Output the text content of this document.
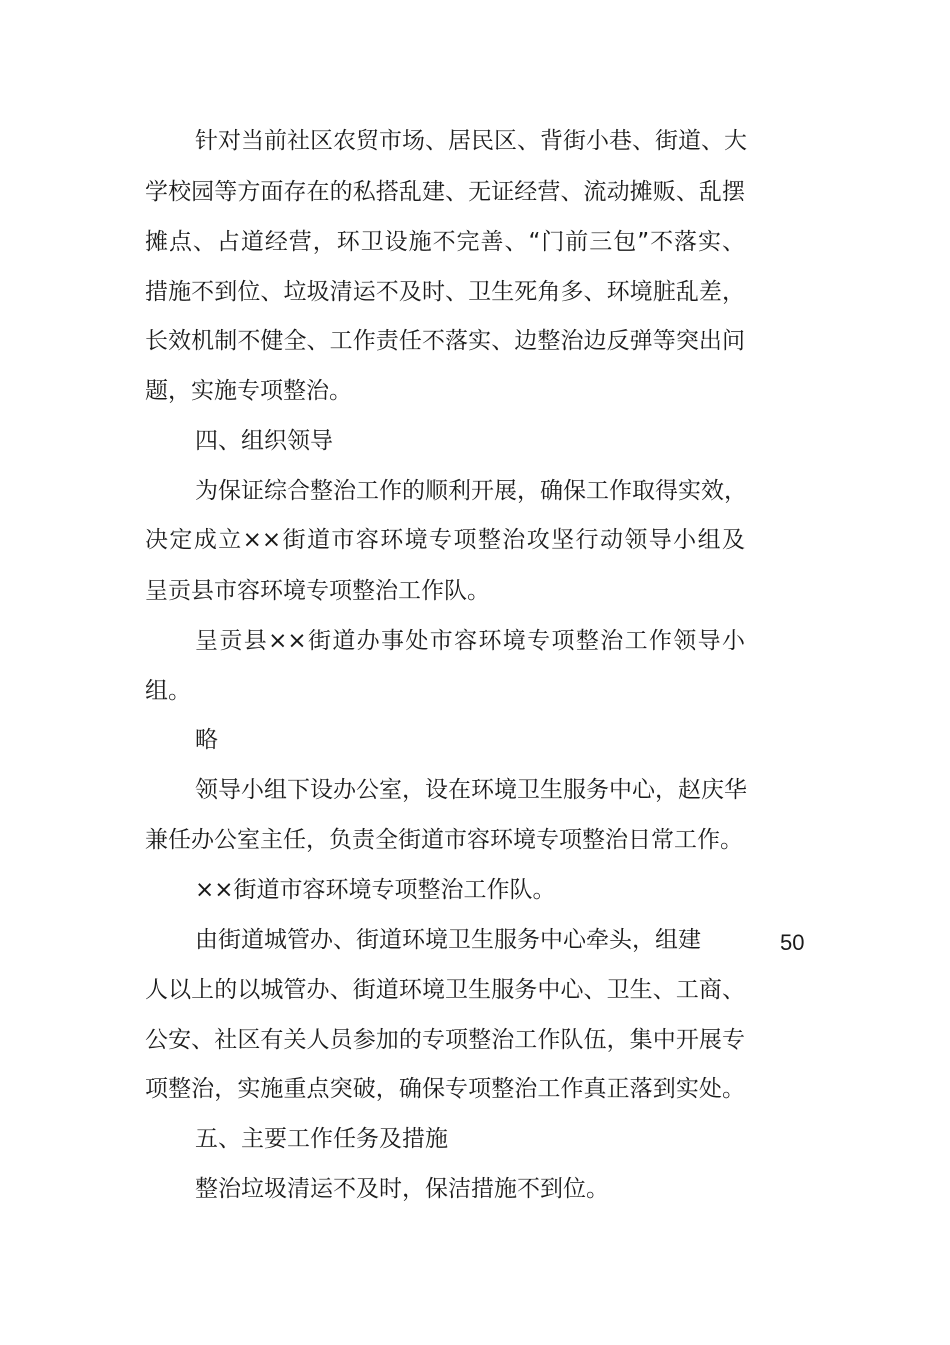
针对当前社区农贸市场、居民区、背街小巷、街道、大
学校园等方面存在的私搭乱建、无证经营、流动摊贩、乱摆
摊点、占道经营，环卫设施不完善、“门前三包”不落实、
措施不到位、垃圾清运不及时、卫生死角多、环境脏乱差，
长效机制不健全、工作责任不落实、边整治边反弹等突出问
题，实施专项整治。
四、组织领导
为保证综合整治工作的顺利开展，确保工作取得实效，
决定成立××街道市容环境专项整治攻坚行动领导小组及
呈贡县市容环境专项整治工作队。
呈贡县××街道办事处市容环境专项整治工作领导小
组。
略
领导小组下设办公室，设在环境卫生服务中心，赵庆华
兼任办公室主任，负责全街道市容环境专项整治日常工作。
××街道市容环境专项整治工作队。
由街道城管办、街道环境卫生服务中心牵头，组建	50
人以上的以城管办、街道环境卫生服务中心、卫生、工商、
公安、社区有关人员参加的专项整治工作队伍，集中开展专
项整治，实施重点突破，确保专项整治工作真正落到实处。
五、主要工作任务及措施
整治垃圾清运不及时，保洁措施不到位。
